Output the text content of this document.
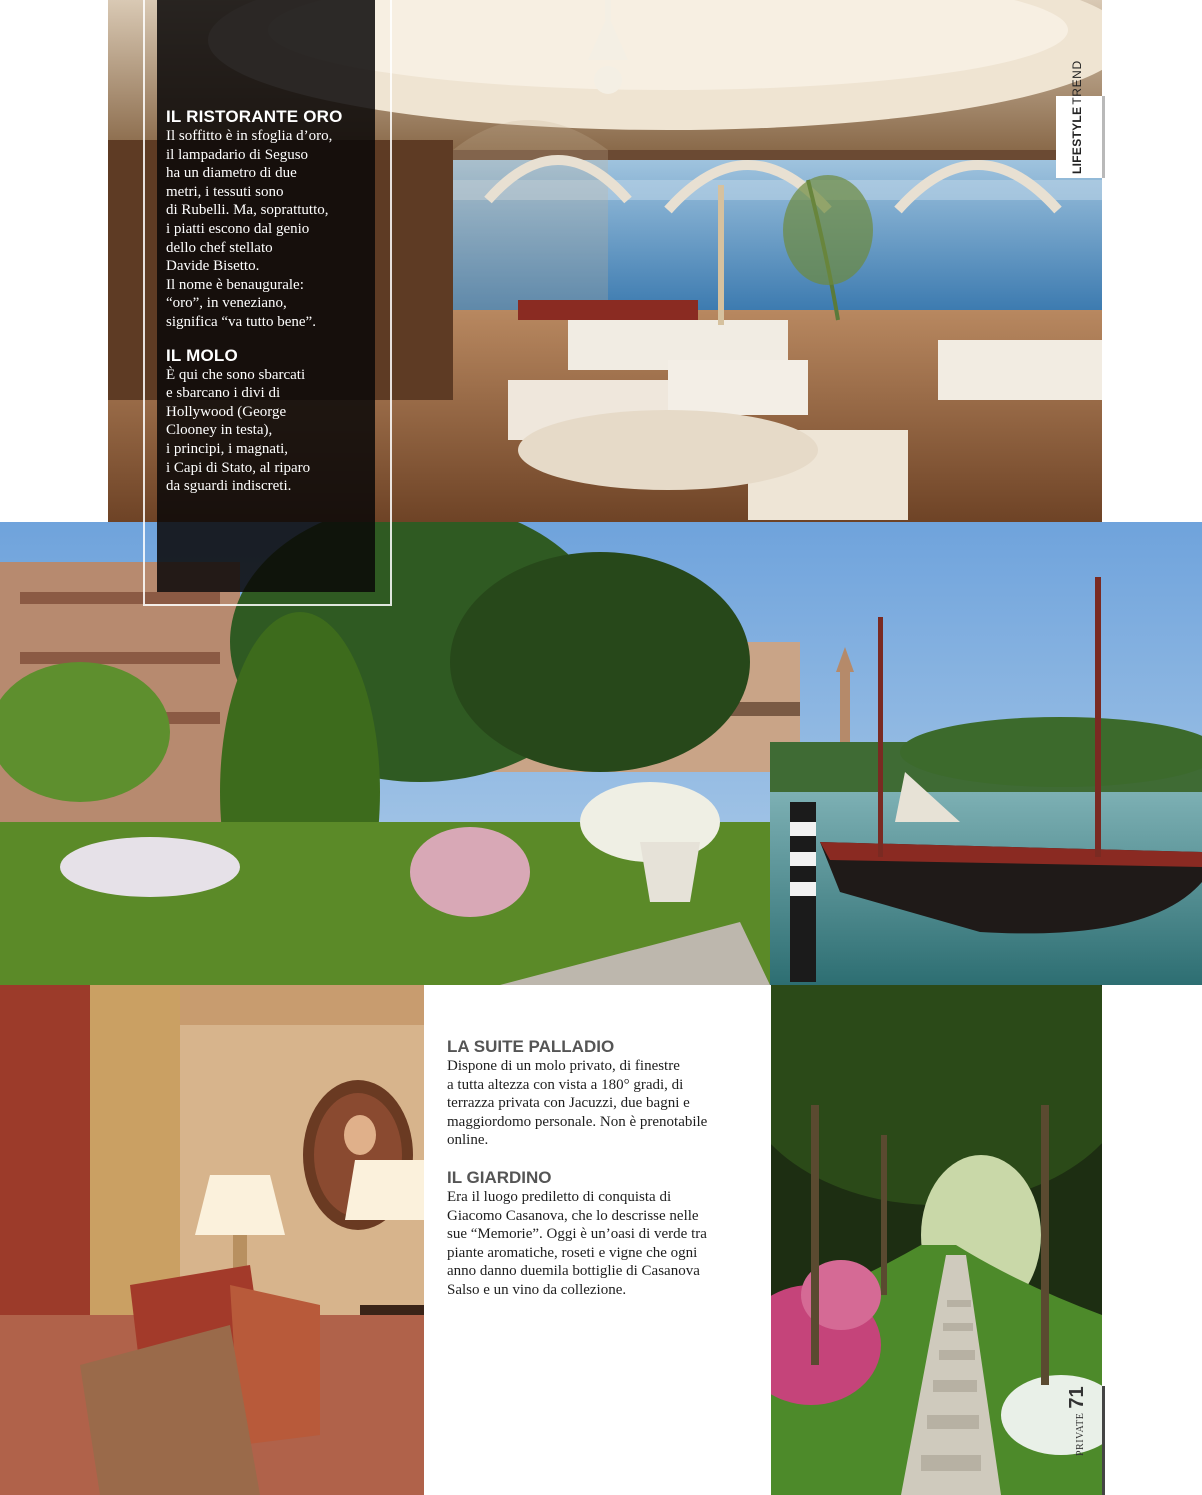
IL RISTORANTE ORO

Il soffitto è in sfoglia d’oro,
il lampadario di Seguso
ha un diametro di due
metri, i tessuti sono
di Rubelli. Ma, soprattutto,
i piatti escono dal genio
dello chef stellato
Davide Bisetto.
Il nome è benaugurale:
“oro”, in veneziano,
significa “va tutto bene”.

IL MOLO

È qui che sono sbarcati
e sbarcano i divi di
Hollywood (George
Clooney in testa),
i principi, i magnati,
i Capi di Stato, al riparo
da sguardi indiscreti.

LIFESTYLETREND
LA SUITE PALLADIO

Dispone di un molo privato, di finestre
a tutta altezza con vista a 180° gradi, di
terrazza privata con Jacuzzi, due bagni e
maggiordomo personale. Non è prenotabile
online.

IL GIARDINO

Era il luogo prediletto di conquista di
Giacomo Casanova, che lo descrisse nelle
sue “Memorie”. Oggi è un’oasi di verde tra
piante aromatiche, roseti e vigne che ogni
anno danno duemila bottiglie di Casanova
Salso e un vino da collezione.

PRIVATE71
